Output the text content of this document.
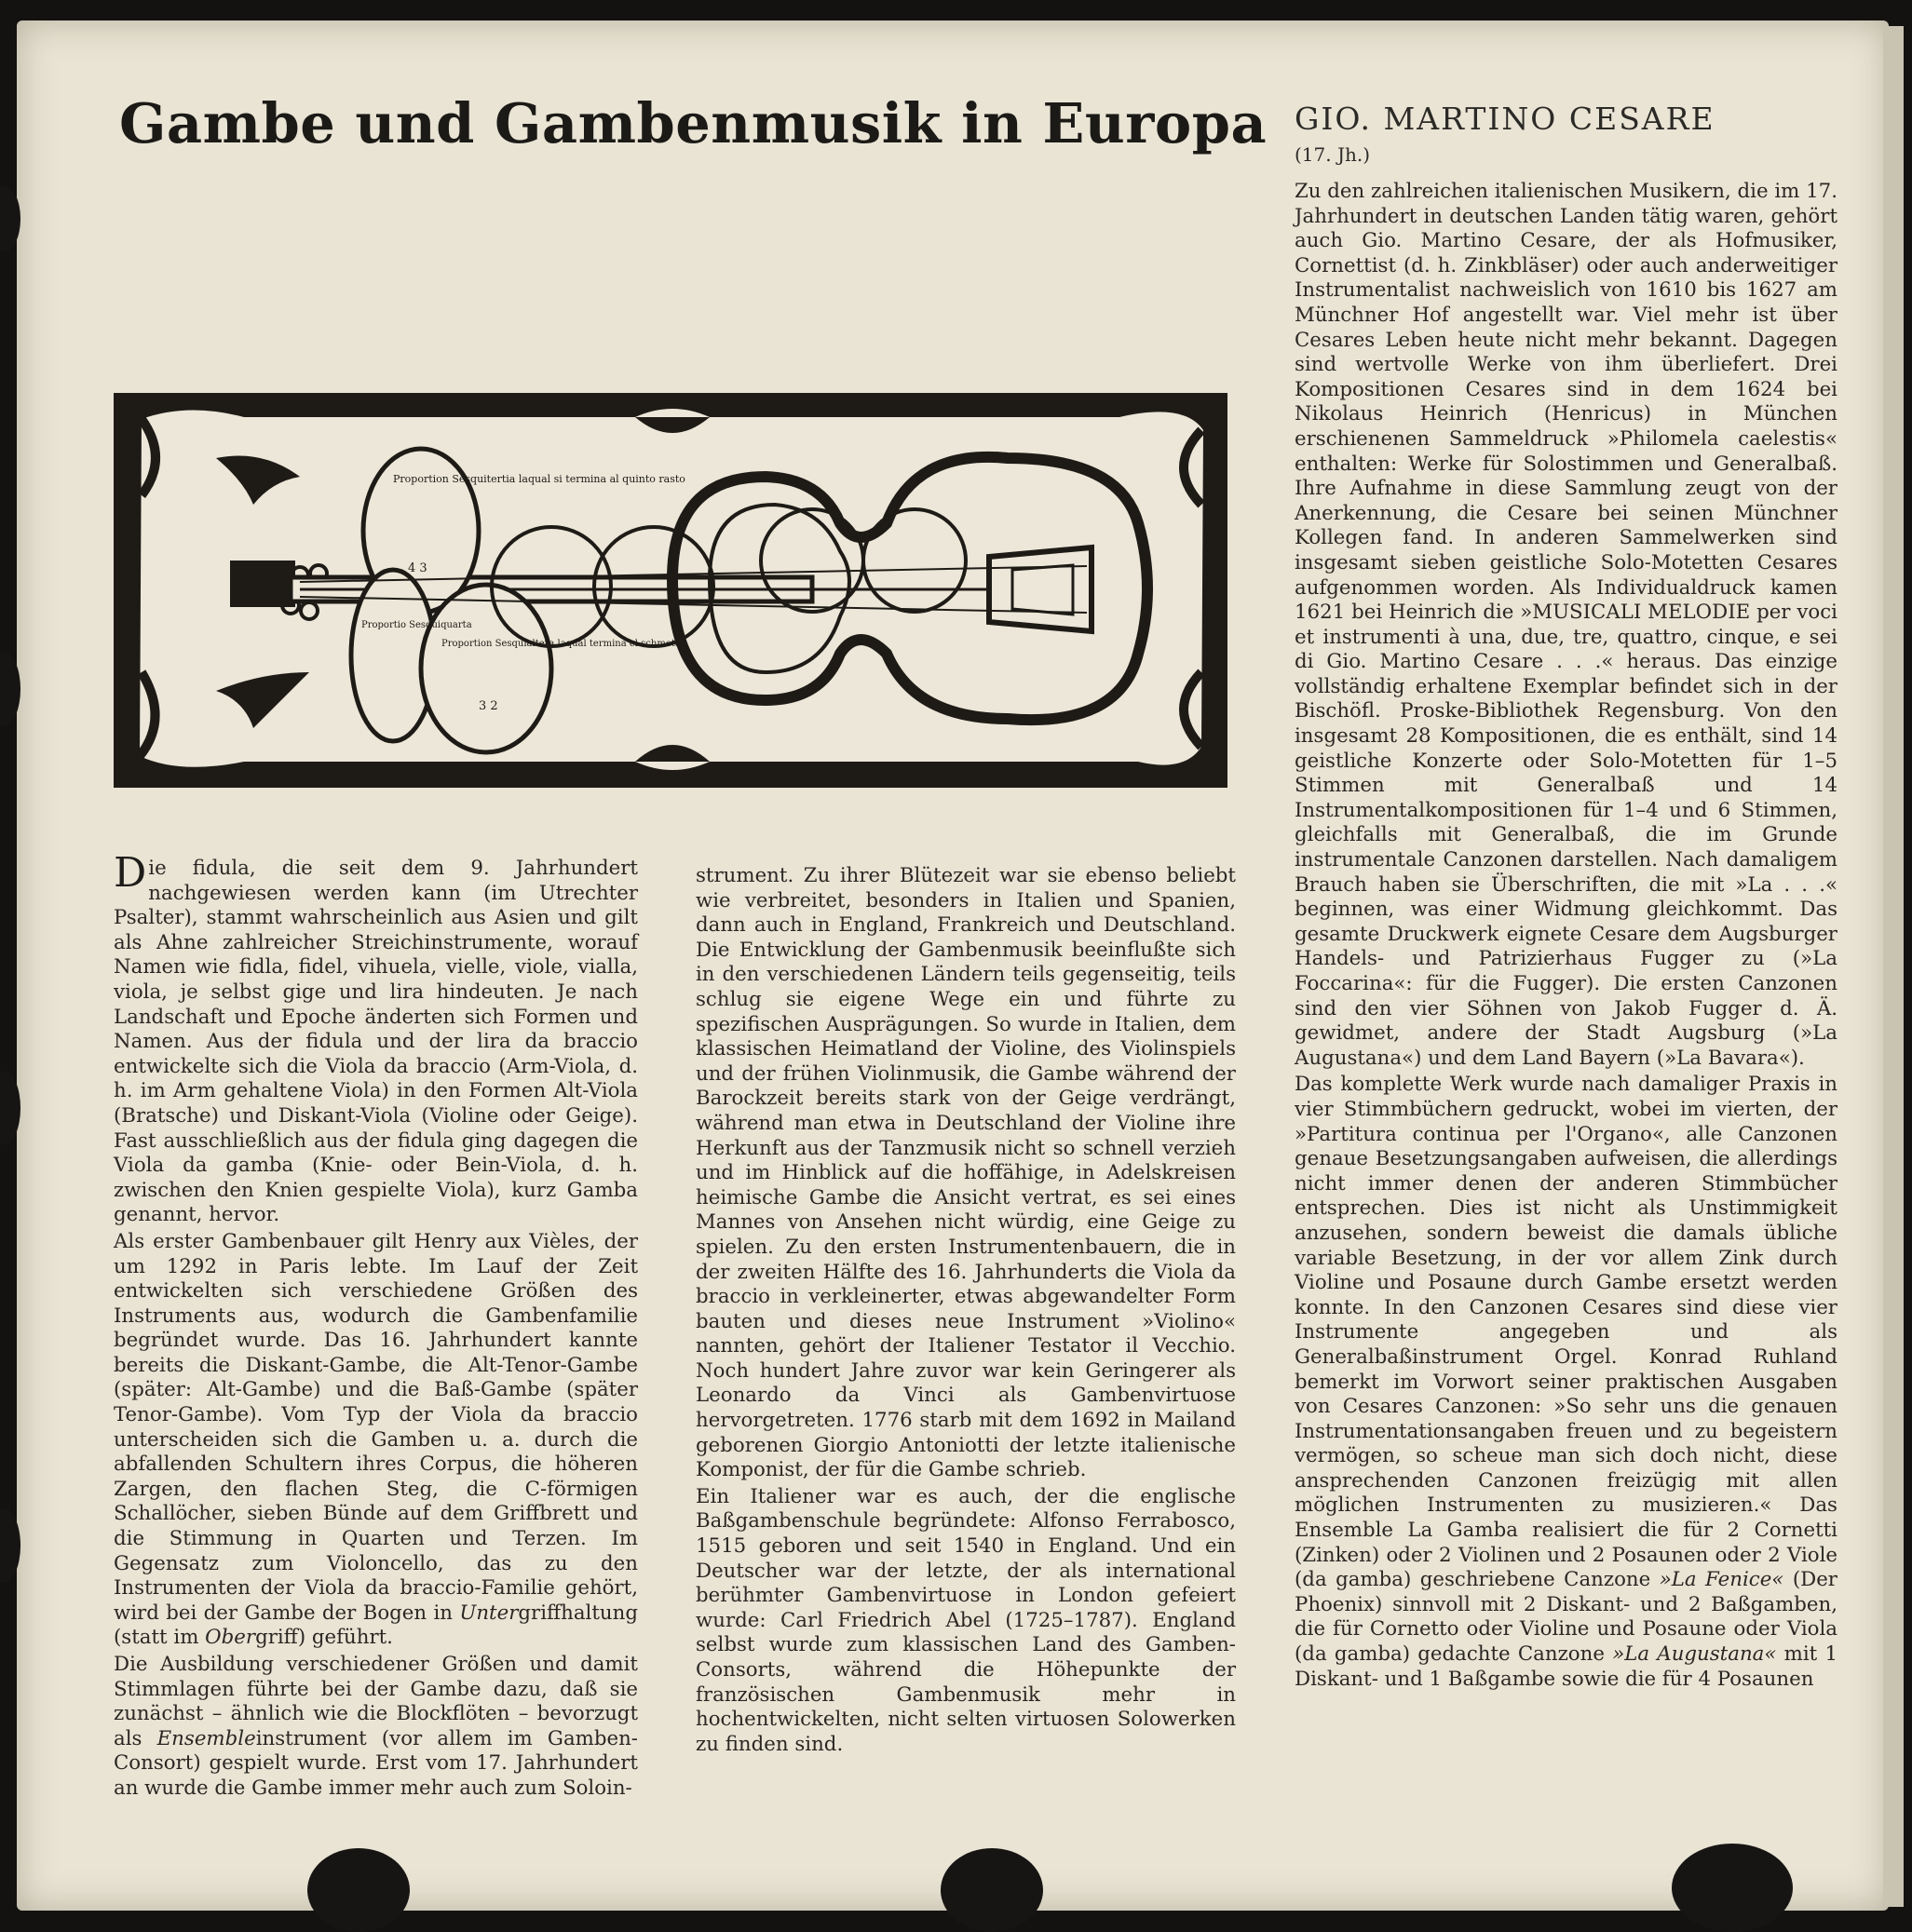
Gambe und Gambenmusik in Europa GIO. MARTINO CESARE
(17. Jh.)
Proportion Sesquitertia laqual si termina al quinto rasto
4 3
Proportio Sesquiquarta
Proportion Sesquialtera laqual termina el schmotas
3 2

Die fidula, die seit dem 9. Jahrhundert nachgewiesen werden kann (im Utrechter Psalter), stammt wahrscheinlich aus Asien und gilt als Ahne zahlreicher Streichinstrumente, worauf Namen wie fidla, fidel, vihuela, vielle, viole, vialla, viola, je selbst gige und lira hindeuten. Je nach Landschaft und Epoche änderten sich Formen und Namen. Aus der fidula und der lira da braccio entwickelte sich die Viola da braccio (Arm-Viola, d. h. im Arm gehaltene Viola) in den Formen Alt-Viola (Bratsche) und Diskant-Viola (Violine oder Geige). Fast ausschließlich aus der fidula ging dagegen die Viola da gamba (Knie- oder Bein-Viola, d. h. zwischen den Knien gespielte Viola), kurz Gamba genannt, hervor.

Als erster Gambenbauer gilt Henry aux Vièles, der um 1292 in Paris lebte. Im Lauf der Zeit entwickelten sich verschiedene Größen des Instruments aus, wodurch die Gambenfamilie begründet wurde. Das 16. Jahrhundert kannte bereits die Diskant-Gambe, die Alt-Tenor-Gambe (später: Alt-Gambe) und die Baß-Gambe (später Tenor-Gambe). Vom Typ der Viola da braccio unterscheiden sich die Gamben u. a. durch die abfallenden Schultern ihres Corpus, die höheren Zargen, den flachen Steg, die C-förmigen Schallöcher, sieben Bünde auf dem Griffbrett und die Stimmung in Quarten und Terzen. Im Gegensatz zum Violoncello, das zu den Instrumenten der Viola da braccio-Familie gehört, wird bei der Gambe der Bogen in Untergriffhaltung (statt im Obergriff) geführt.

Die Ausbildung verschiedener Größen und damit Stimmlagen führte bei der Gambe dazu, daß sie zunächst – ähnlich wie die Blockflöten – bevorzugt als Ensembleinstrument (vor allem im Gamben-Consort) gespielt wurde. Erst vom 17. Jahrhundert an wurde die Gambe immer mehr auch zum Soloin-

strument. Zu ihrer Blütezeit war sie ebenso beliebt wie verbreitet, besonders in Italien und Spanien, dann auch in England, Frankreich und Deutschland. Die Entwicklung der Gambenmusik beeinflußte sich in den verschiedenen Ländern teils gegenseitig, teils schlug sie eigene Wege ein und führte zu spezifischen Ausprägungen. So wurde in Italien, dem klassischen Heimatland der Violine, des Violinspiels und der frühen Violinmusik, die Gambe während der Barockzeit bereits stark von der Geige verdrängt, während man etwa in Deutschland der Violine ihre Herkunft aus der Tanzmusik nicht so schnell verzieh und im Hinblick auf die hoffähige, in Adelskreisen heimische Gambe die Ansicht vertrat, es sei eines Mannes von Ansehen nicht würdig, eine Geige zu spielen. Zu den ersten Instrumentenbauern, die in der zweiten Hälfte des 16. Jahrhunderts die Viola da braccio in verkleinerter, etwas abgewandelter Form bauten und dieses neue Instrument »Violino« nannten, gehört der Italiener Testator il Vecchio. Noch hundert Jahre zuvor war kein Geringerer als Leonardo da Vinci als Gambenvirtuose hervorgetreten. 1776 starb mit dem 1692 in Mailand geborenen Giorgio Antoniotti der letzte italienische Komponist, der für die Gambe schrieb.

Ein Italiener war es auch, der die englische Baßgambenschule begründete: Alfonso Ferrabosco, 1515 geboren und seit 1540 in England. Und ein Deutscher war der letzte, der als international berühmter Gambenvirtuose in London gefeiert wurde: Carl Friedrich Abel (1725–1787). England selbst wurde zum klassischen Land des Gamben-Consorts, während die Höhepunkte der französischen Gambenmusik mehr in hochentwickelten, nicht selten virtuosen Solowerken zu finden sind.

Zu den zahlreichen italienischen Musikern, die im 17. Jahrhundert in deutschen Landen tätig waren, gehört auch Gio. Martino Cesare, der als Hofmusiker, Cornettist (d. h. Zinkbläser) oder auch anderweitiger Instrumentalist nachweislich von 1610 bis 1627 am Münchner Hof angestellt war. Viel mehr ist über Cesares Leben heute nicht mehr bekannt. Dagegen sind wertvolle Werke von ihm überliefert. Drei Kompositionen Cesares sind in dem 1624 bei Nikolaus Heinrich (Henricus) in München erschienenen Sammeldruck »Philomela caelestis« enthalten: Werke für Solostimmen und Generalbaß. Ihre Aufnahme in diese Sammlung zeugt von der Anerkennung, die Cesare bei seinen Münchner Kollegen fand. In anderen Sammelwerken sind insgesamt sieben geistliche Solo-Motetten Cesares aufgenommen worden. Als Individualdruck kamen 1621 bei Heinrich die »MUSICALI MELODIE per voci et instrumenti à una, due, tre, quattro, cinque, e sei di Gio. Martino Cesare . . .« heraus. Das einzige vollständig erhaltene Exemplar befindet sich in der Bischöfl. Proske-Bibliothek Regensburg. Von den insgesamt 28 Kompositionen, die es enthält, sind 14 geistliche Konzerte oder Solo-Motetten für 1–5 Stimmen mit Generalbaß und 14 Instrumentalkompositionen für 1–4 und 6 Stimmen, gleichfalls mit Generalbaß, die im Grunde instrumentale Canzonen darstellen. Nach damaligem Brauch haben sie Überschriften, die mit »La . . .« beginnen, was einer Widmung gleichkommt. Das gesamte Druckwerk eignete Cesare dem Augsburger Handels- und Patrizierhaus Fugger zu (»La Foccarina«: für die Fugger). Die ersten Canzonen sind den vier Söhnen von Jakob Fugger d. Ä. gewidmet, andere der Stadt Augsburg (»La Augustana«) und dem Land Bayern (»La Bavara«).

Das komplette Werk wurde nach damaliger Praxis in vier Stimmbüchern gedruckt, wobei im vierten, der »Partitura continua per l'Organo«, alle Canzonen genaue Besetzungsangaben aufweisen, die allerdings nicht immer denen der anderen Stimmbücher entsprechen. Dies ist nicht als Unstimmigkeit anzusehen, sondern beweist die damals übliche variable Besetzung, in der vor allem Zink durch Violine und Posaune durch Gambe ersetzt werden konnte. In den Canzonen Cesares sind diese vier Instrumente angegeben und als Generalbaßinstrument Orgel. Konrad Ruhland bemerkt im Vorwort seiner praktischen Ausgaben von Cesares Canzonen: »So sehr uns die genauen Instrumentationsangaben freuen und zu begeistern vermögen, so scheue man sich doch nicht, diese ansprechenden Canzonen freizügig mit allen möglichen Instrumenten zu musizieren.« Das Ensemble La Gamba realisiert die für 2 Cornetti (Zinken) oder 2 Violinen und 2 Posaunen oder 2 Viole (da gamba) geschriebene Canzone »La Fenice« (Der Phoenix) sinnvoll mit 2 Diskant- und 2 Baßgamben, die für Cornetto oder Violine und Posaune oder Viola (da gamba) gedachte Canzone »La Augustana« mit 1 Diskant- und 1 Baßgambe sowie die für 4 Posaunen
